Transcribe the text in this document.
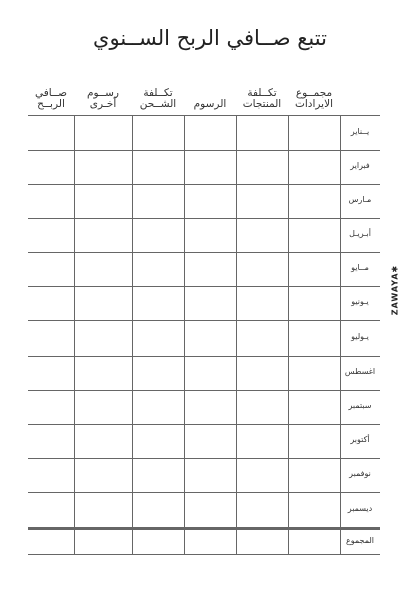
تتبع صــافي الربح الســنوي
ZAWAYA✱
صــافي
الربــح
رســوم
أخـرى
تكــلفة
الشــحن	الرسوم
تكــلفة
المنتجات
مجمــوع
الايرادات
يــناير
فبراير
مـارس
أبـريـل
مــايو
يـونيو
يـوليو
اغسطس
سبتمبر
أكتوبر
نوفمبر
ديسمبر
المجموع
